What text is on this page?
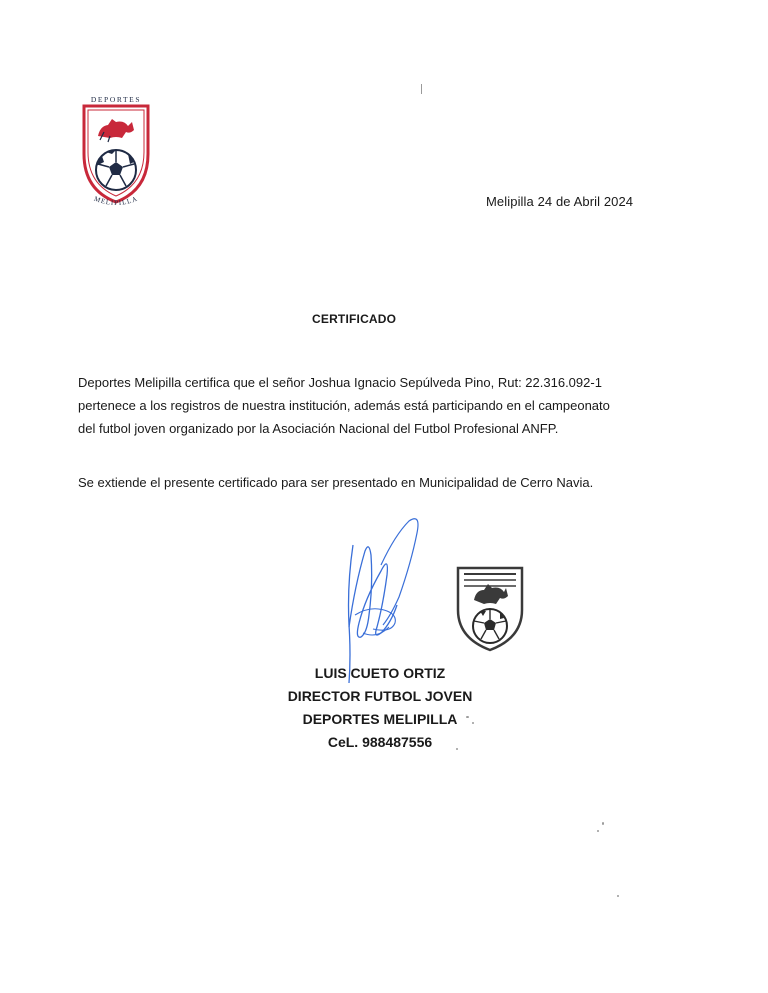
DEPORTES
MELIPILLA	Melipilla 24 de Abril 2024
CERTIFICADO

Deportes Melipilla certifica que el señor Joshua Ignacio Sepúlveda Pino, Rut: 22.316.092-1

pertenece a los registros de nuestra institución, además está participando en el campeonato

del futbol joven organizado por la Asociación Nacional del Futbol Profesional ANFP.

Se extiende el presente certificado para ser presentado en Municipalidad de Cerro Navia.
LUIS CUETO ORTIZ
DIRECTOR FUTBOL JOVEN
DEPORTES MELIPILLA
CeL. 988487556
